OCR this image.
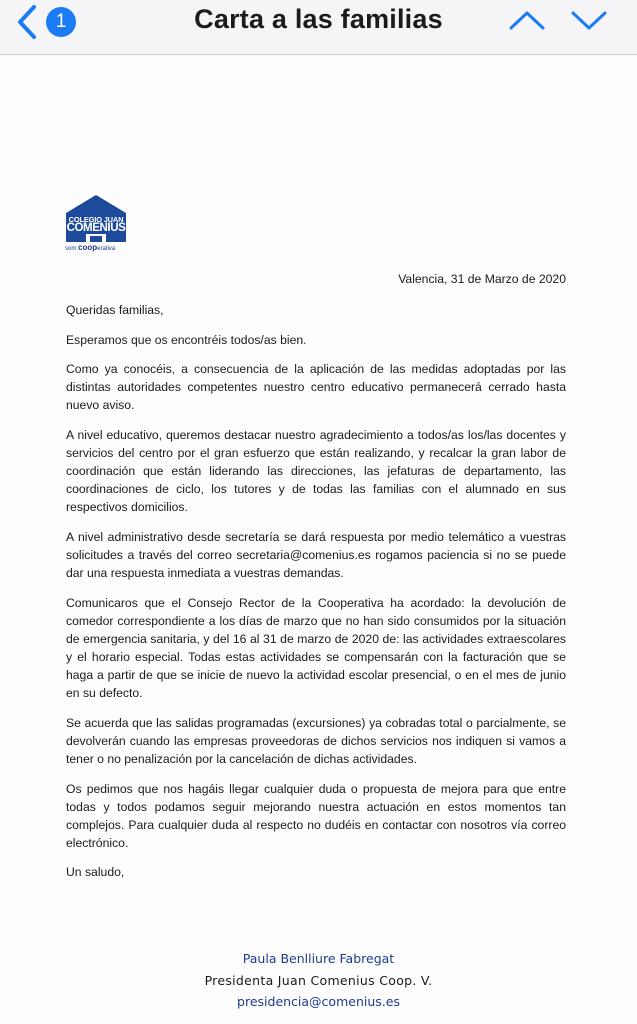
1	Carta a las familias
COLEGIO JUAN
COMENIUS
som cooperativa
Valencia, 31 de Marzo de 2020

Queridas familias,

Esperamos que os encontréis todos/as bien.

Como ya conocéis, a consecuencia de la aplicación de las medidas adoptadas por las distintas autoridades competentes nuestro centro educativo permanecerá cerrado hasta nuevo aviso.

A nivel educativo, queremos destacar nuestro agradecimiento a todos/as los/las docentes y servicios del centro por el gran esfuerzo que están realizando, y recalcar la gran labor de coordinación que están liderando las direcciones, las jefaturas de departamento, las coordinaciones de ciclo, los tutores y de todas las familias con el alumnado en sus respectivos domicilios.

A nivel administrativo desde secretaría se dará respuesta por medio telemático a vuestras solicitudes a través del correo secretaria@comenius.es rogamos paciencia si no se puede dar una respuesta inmediata a vuestras demandas.

Comunicaros que el Consejo Rector de la Cooperativa ha acordado: la devolución de comedor correspondiente a los días de marzo que no han sido consumidos por la situación de emergencia sanitaria, y del 16 al 31 de marzo de 2020 de: las actividades extraescolares y el horario especial. Todas estas actividades se compensarán con la facturación que se haga a partir de que se inicie de nuevo la actividad escolar presencial, o en el mes de junio en su defecto.

Se acuerda que las salidas programadas (excursiones) ya cobradas total o parcialmente, se devolverán cuando las empresas proveedoras de dichos servicios nos indiquen si vamos a tener o no penalización por la cancelación de dichas actividades.

Os pedimos que nos hagáis llegar cualquier duda o propuesta de mejora para que entre todas y todos podamos seguir mejorando nuestra actuación en estos momentos tan complejos. Para cualquier duda al respecto no dudéis en contactar con nosotros vía correo electrónico.

Un saludo,

Paula Benlliure Fabregat
Presidenta Juan Comenius Coop. V.
presidencia@comenius.es
